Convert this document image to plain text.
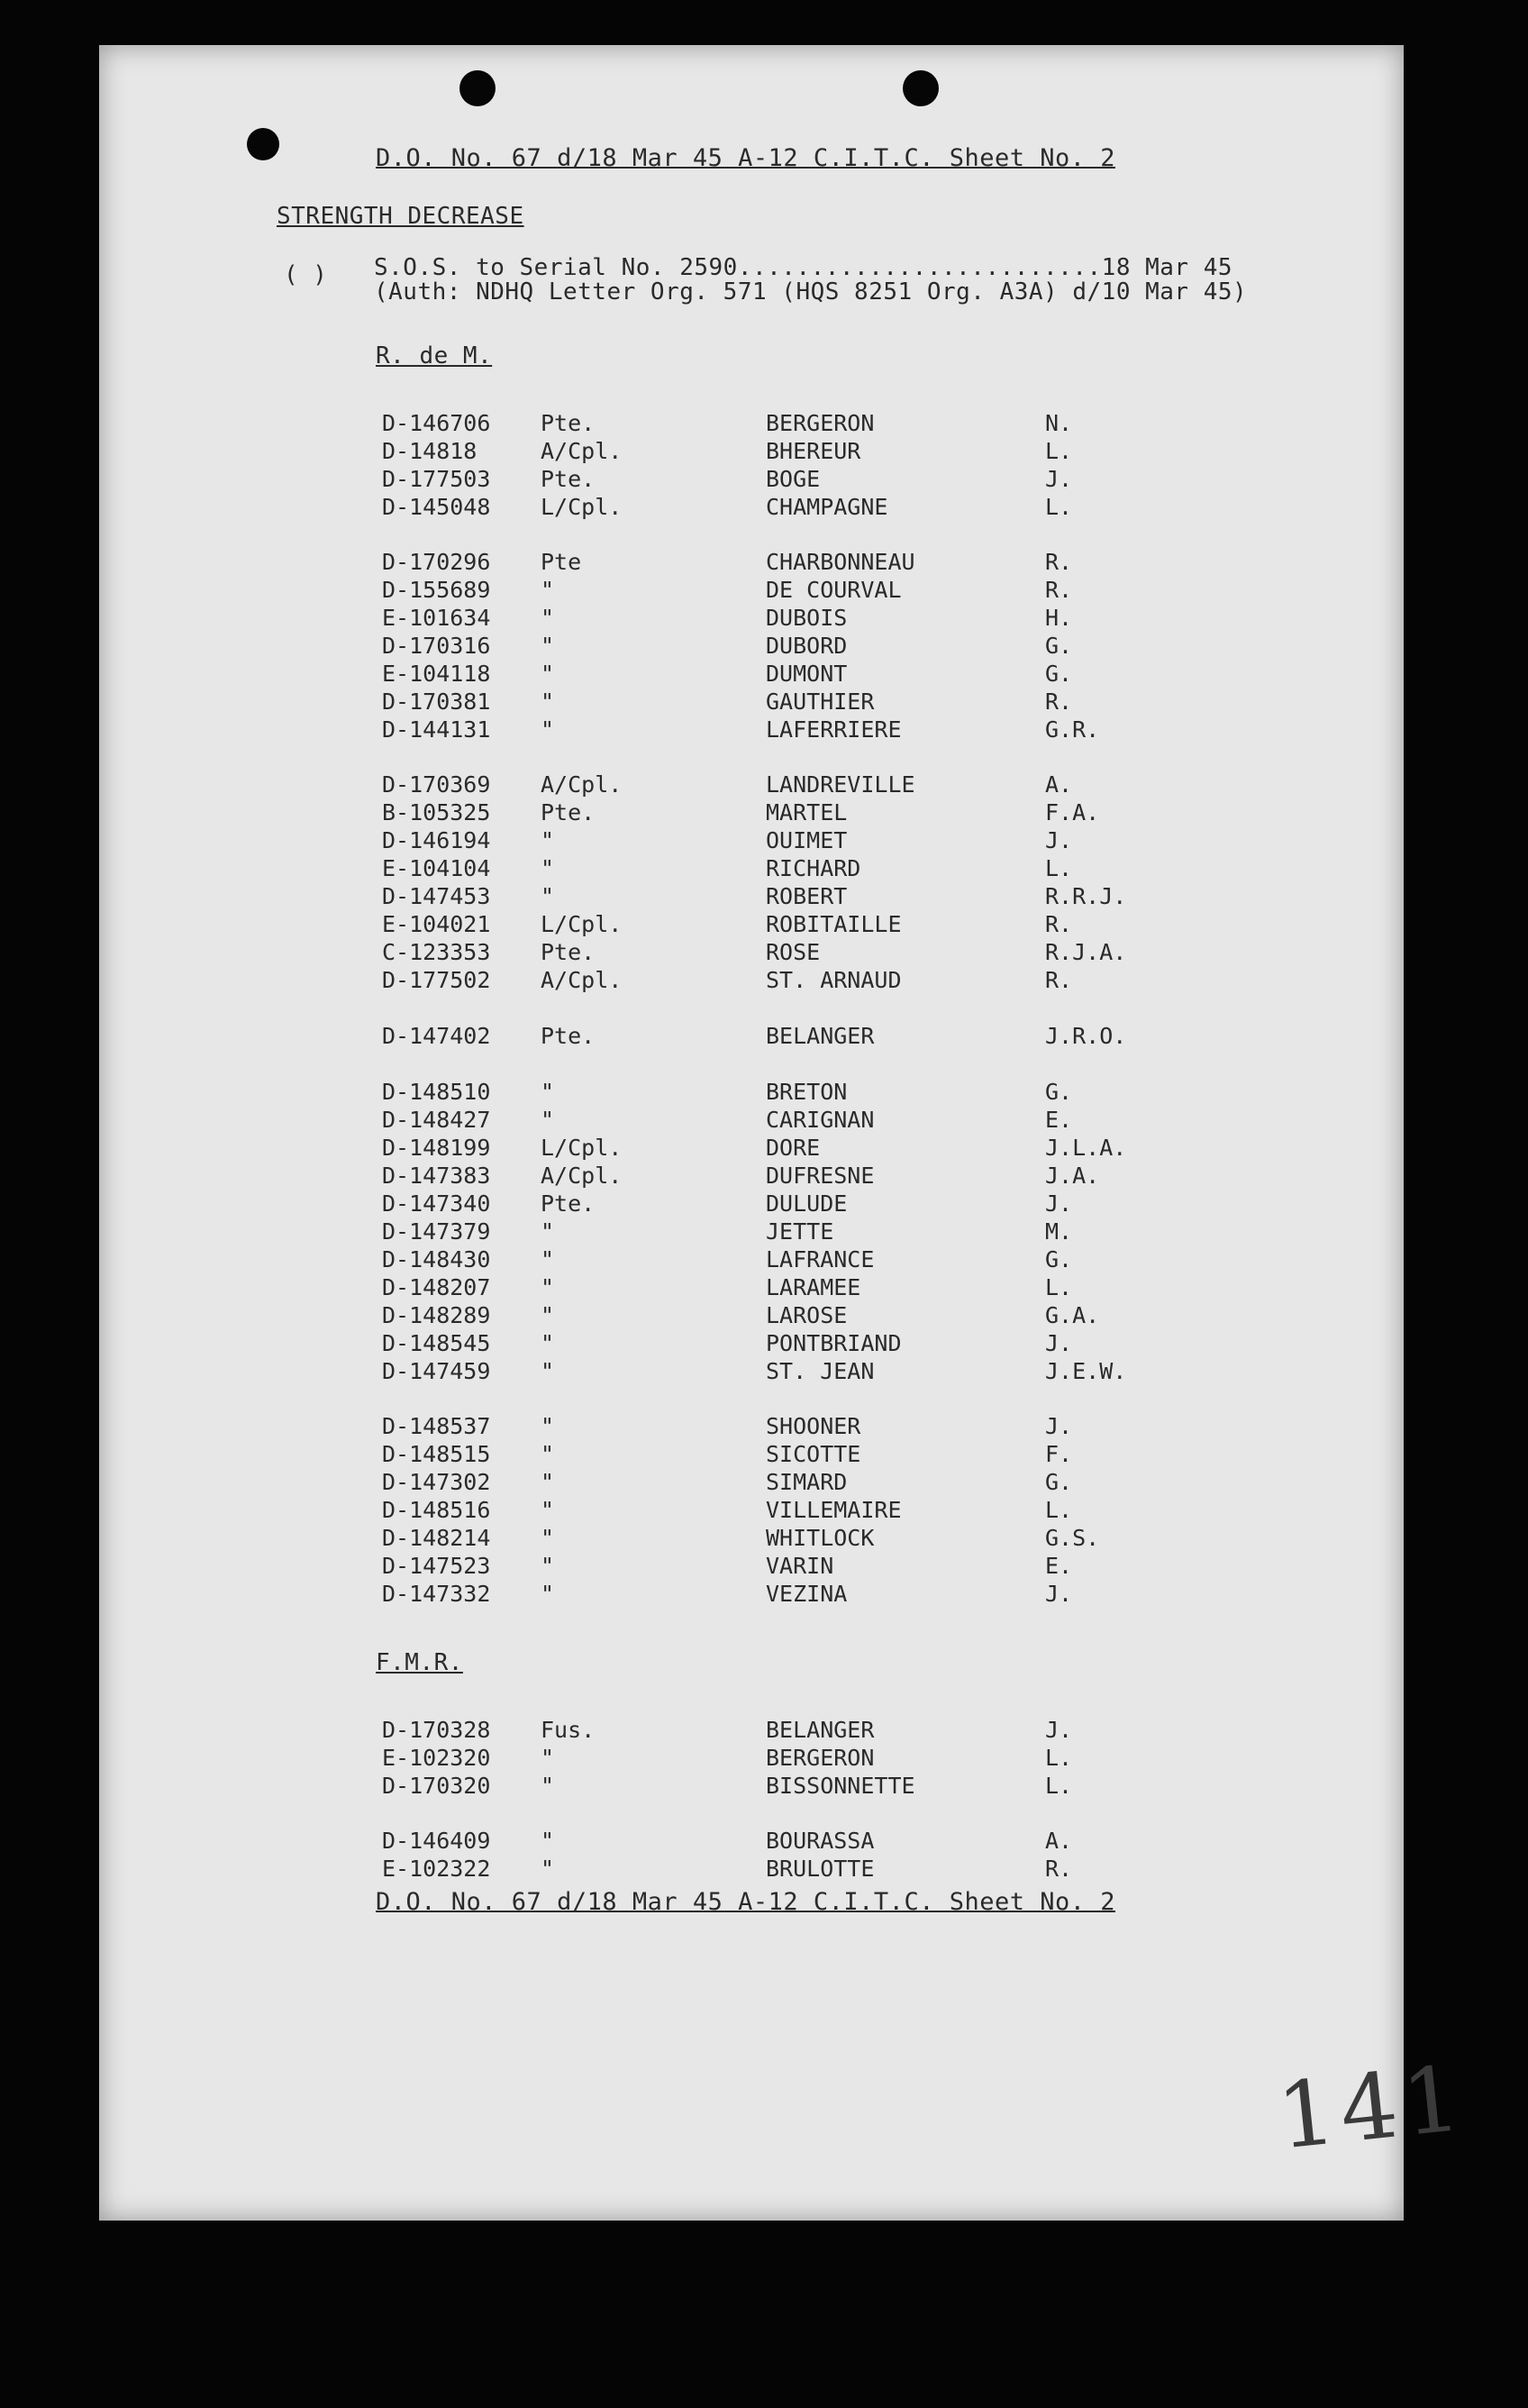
D.O. No. 67 d/18 Mar 45 A-12 C.I.T.C. Sheet No. 2
STRENGTH DECREASE
( ) S.O.S. to Serial No. 2590.........................18 Mar 45
(Auth: NDHQ Letter Org. 571 (HQS 8251 Org. A3A) d/10 Mar 45)
R. de M.
D-146706 Pte.	BERGERON	N.
D-14818	A/Cpl.	BHEREUR	L.
D-177503 Pte.	BOGE	J.
D-145048 L/Cpl.	CHAMPAGNE	L.
D-170296 Pte	CHARBONNEAU	R.
D-155689 "	DE COURVAL	R.
E-101634 "	DUBOIS	H.
D-170316 "	DUBORD	G.
E-104118 "	DUMONT	G.
D-170381 "	GAUTHIER	R.
D-144131 "	LAFERRIERE	G.R.
D-170369 A/Cpl.	LANDREVILLE	A.
B-105325 Pte.	MARTEL	F.A.
D-146194 "	OUIMET	J.
E-104104 "	RICHARD	L.
D-147453 "	ROBERT	R.R.J.
E-104021 L/Cpl.	ROBITAILLE	R.
C-123353 Pte.	ROSE	R.J.A.
D-177502 A/Cpl.	ST. ARNAUD	R.
D-147402 Pte.	BELANGER	J.R.O.
D-148510 "	BRETON	G.
D-148427 "	CARIGNAN	E.
D-148199 L/Cpl.	DORE	J.L.A.
D-147383 A/Cpl.	DUFRESNE	J.A.
D-147340 Pte.	DULUDE	J.
D-147379 "	JETTE	M.
D-148430 "	LAFRANCE	G.
D-148207 "	LARAMEE	L.
D-148289 "	LAROSE	G.A.
D-148545 "	PONTBRIAND	J.
D-147459 "	ST. JEAN	J.E.W.
D-148537 "	SHOONER	J.
D-148515 "	SICOTTE	F.
D-147302 "	SIMARD	G.
D-148516 "	VILLEMAIRE	L.
D-148214 "	WHITLOCK	G.S.
D-147523 "	VARIN	E.
D-147332 "	VEZINA	J.
F.M.R.
D-170328 Fus.	BELANGER	J.
E-102320 "	BERGERON	L.
D-170320 "	BISSONNETTE	L.
D-146409 "	BOURASSA	A.
E-102322 "	BRULOTTE	R.
D.O. No. 67 d/18 Mar 45 A-12 C.I.T.C. Sheet No. 2
141
